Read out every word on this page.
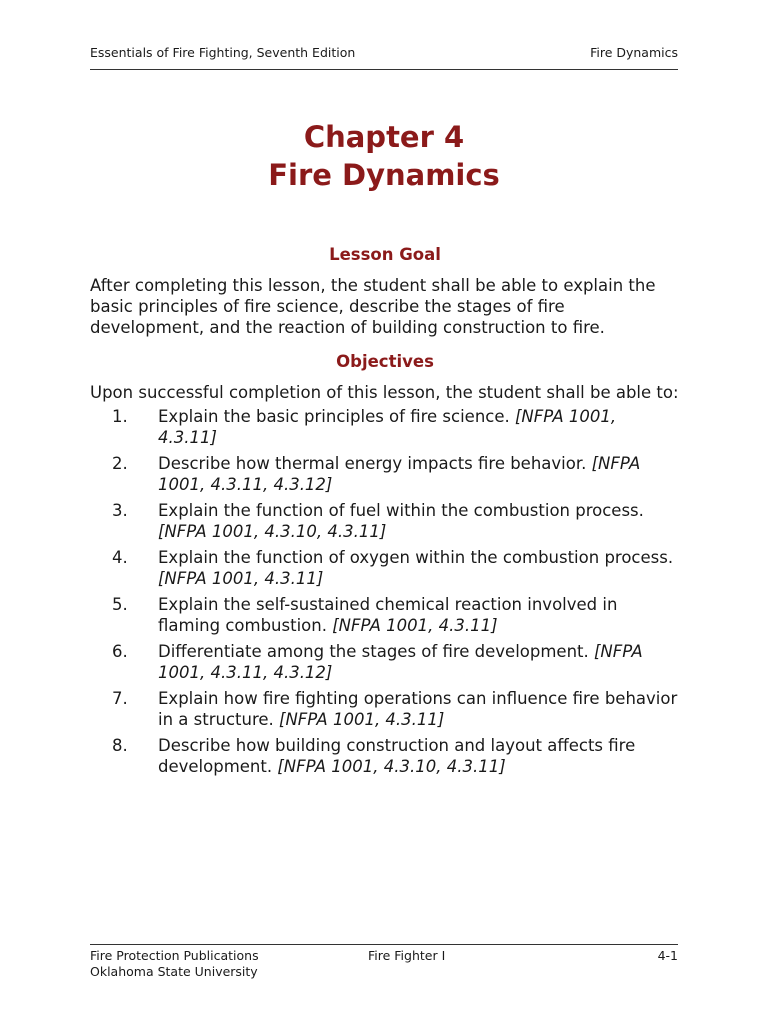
Essentials of Fire Fighting, Seventh Edition	Fire Dynamics
Chapter 4
Fire Dynamics
Lesson Goal

After completing this lesson, the student shall be able to explain the basic principles of fire science, describe the stages of fire development, and the reaction of building construction to fire.

Objectives

Upon successful completion of this lesson, the student shall be able to:

1.	Explain the basic principles of fire science. [NFPA 1001, 4.3.11]
2.	Describe how thermal energy impacts fire behavior. [NFPA 1001, 4.3.11, 4.3.12]
3.	Explain the function of fuel within the combustion process. [NFPA 1001, 4.3.10, 4.3.11]
4.	Explain the function of oxygen within the combustion process. [NFPA 1001, 4.3.11]
5.	Explain the self-sustained chemical reaction involved in flaming combustion. [NFPA 1001, 4.3.11]
6.	Differentiate among the stages of fire development. [NFPA 1001, 4.3.11, 4.3.12]
7.	Explain how fire fighting operations can influence fire behavior in a structure. [NFPA 1001, 4.3.11]
8.	Describe how building construction and layout affects fire development. [NFPA 1001, 4.3.10, 4.3.11]
Fire Protection Publications
Oklahoma State University
Fire Fighter I	4-1
